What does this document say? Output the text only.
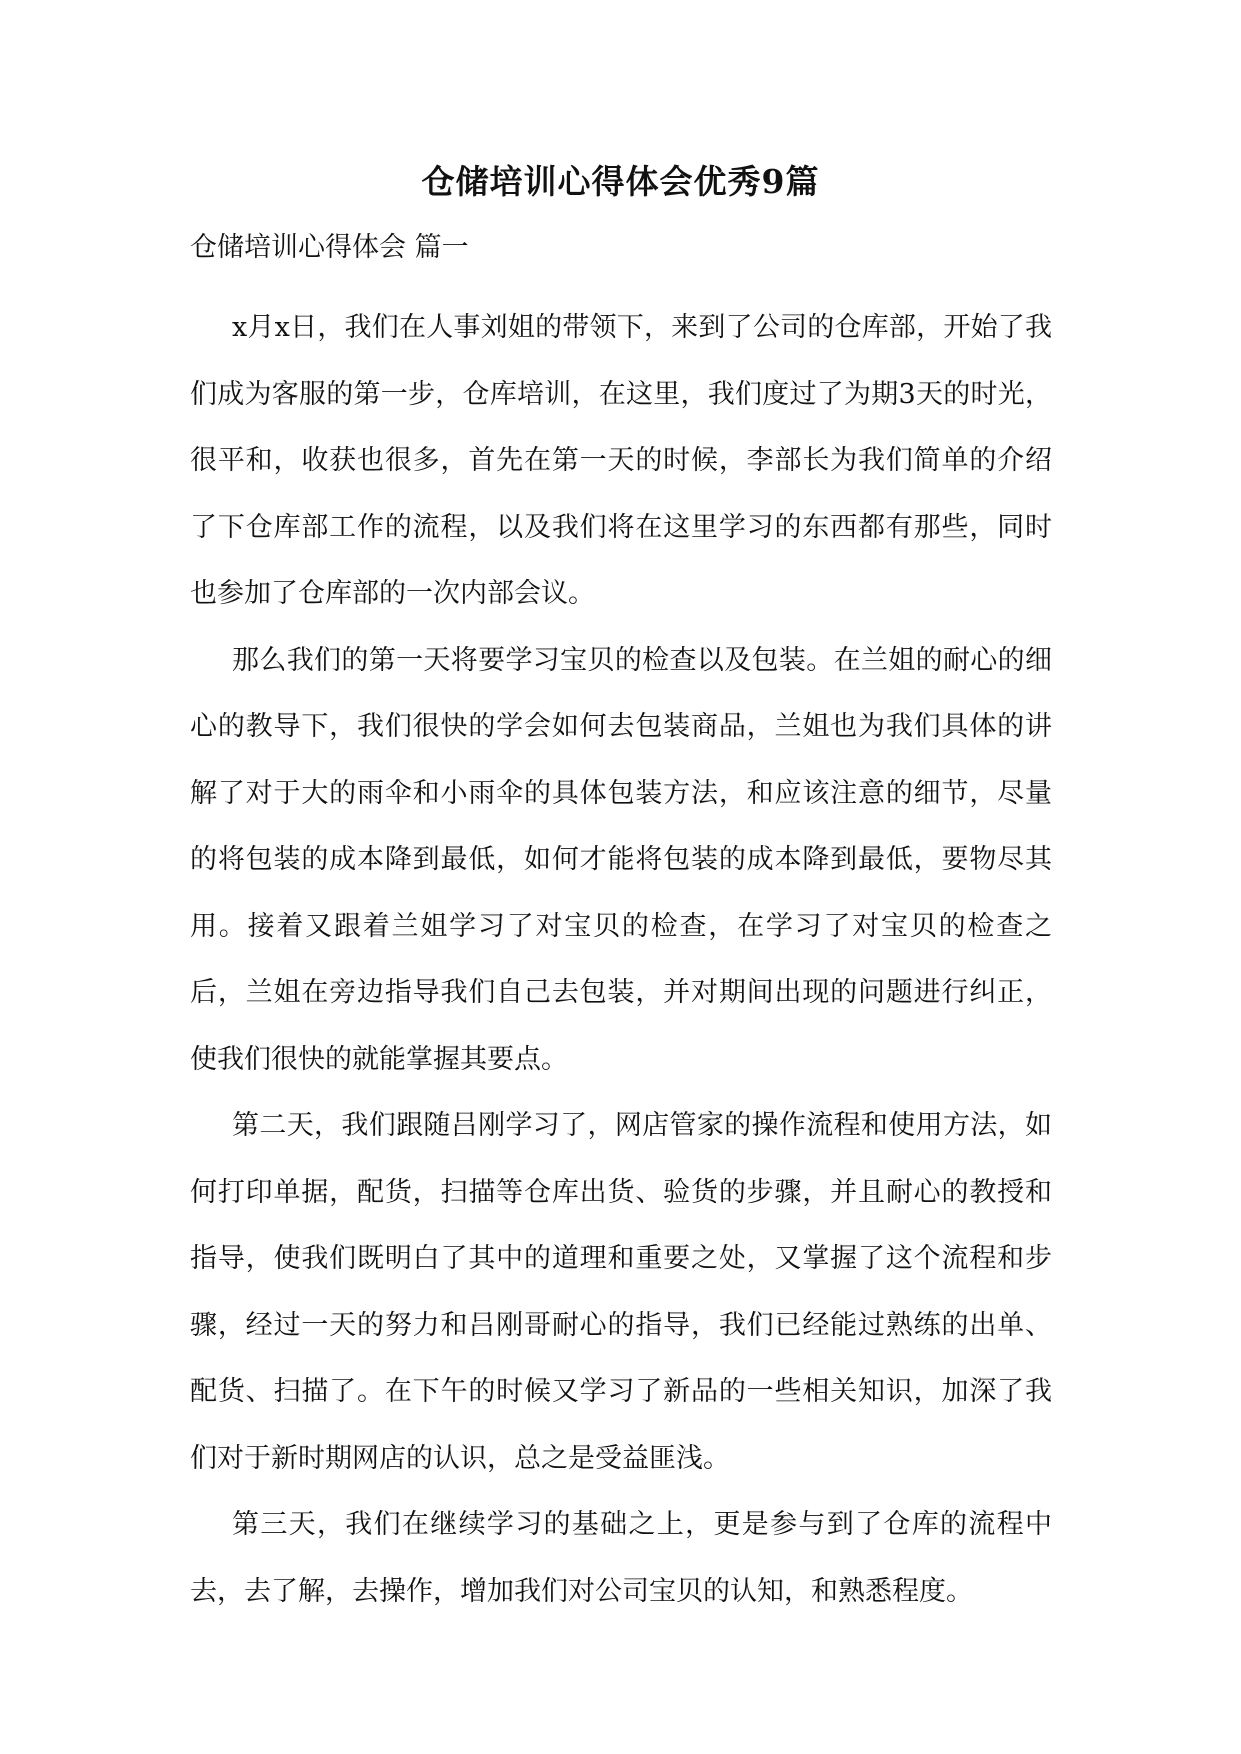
仓储培训心得体会优秀9篇
仓储培训心得体会 篇一

x月x日，我们在人事刘姐的带领下，来到了公司的仓库部，开始了我们成为客服的第一步，仓库培训，在这里，我们度过了为期3天的时光，很平和，收获也很多，首先在第一天的时候，李部长为我们简单的介绍了下仓库部工作的流程，以及我们将在这里学习的东西都有那些，同时也参加了仓库部的一次内部会议。

那么我们的第一天将要学习宝贝的检查以及包装。在兰姐的耐心的细心的教导下，我们很快的学会如何去包装商品，兰姐也为我们具体的讲解了对于大的雨伞和小雨伞的具体包装方法，和应该注意的细节，尽量的将包装的成本降到最低，如何才能将包装的成本降到最低，要物尽其用。接着又跟着兰姐学习了对宝贝的检查，在学习了对宝贝的检查之后，兰姐在旁边指导我们自己去包装，并对期间出现的问题进行纠正，使我们很快的就能掌握其要点。

第二天，我们跟随吕刚学习了，网店管家的操作流程和使用方法，如何打印单据，配货，扫描等仓库出货、验货的步骤，并且耐心的教授和指导，使我们既明白了其中的道理和重要之处，又掌握了这个流程和步骤，经过一天的努力和吕刚哥耐心的指导，我们已经能过熟练的出单、配货、扫描了。在下午的时候又学习了新品的一些相关知识，加深了我们对于新时期网店的认识，总之是受益匪浅。

第三天，我们在继续学习的基础之上，更是参与到了仓库的流程中去，去了解，去操作，增加我们对公司宝贝的认知，和熟悉程度。
